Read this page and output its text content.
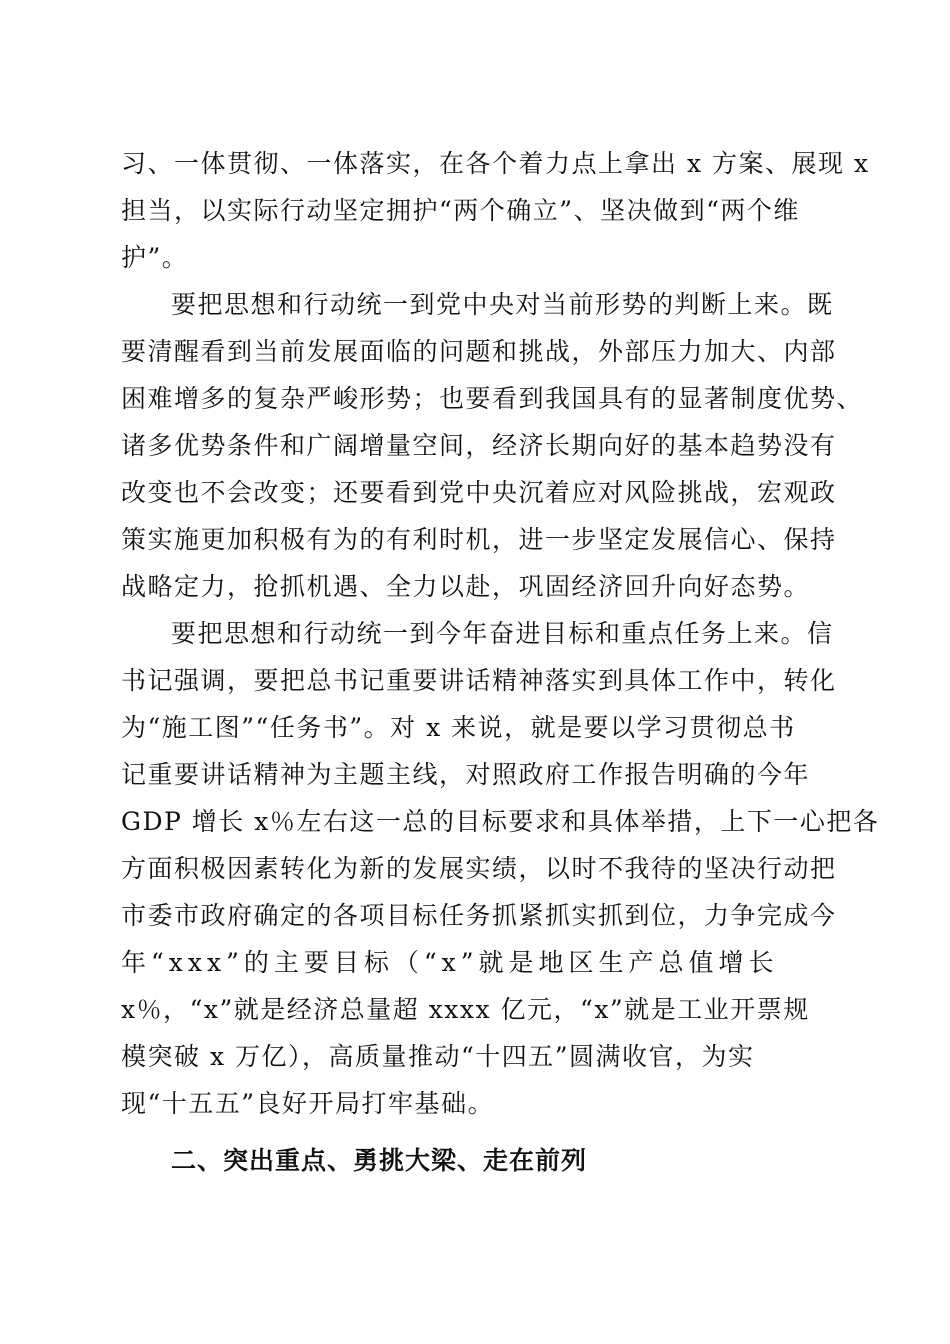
习、一体贯彻、一体落实，在各个着力点上拿出 x 方案、展现 x
担当，以实际行动坚定拥护“两个确立”、坚决做到“两个维
护”。
要把思想和行动统一到党中央对当前形势的判断上来。既
要清醒看到当前发展面临的问题和挑战，外部压力加大、内部
困难增多的复杂严峻形势；也要看到我国具有的显著制度优势、
诸多优势条件和广阔增量空间，经济长期向好的基本趋势没有
改变也不会改变；还要看到党中央沉着应对风险挑战，宏观政
策实施更加积极有为的有利时机，进一步坚定发展信心、保持
战略定力，抢抓机遇、全力以赴，巩固经济回升向好态势。
要把思想和行动统一到今年奋进目标和重点任务上来。信
书记强调，要把总书记重要讲话精神落实到具体工作中，转化
为“施工图”“任务书”。对 x 来说，就是要以学习贯彻总书
记重要讲话精神为主题主线，对照政府工作报告明确的今年
GDP 增长 x％左右这一总的目标要求和具体举措，上下一心把各
方面积极因素转化为新的发展实绩，以时不我待的坚决行动把
市委市政府确定的各项目标任务抓紧抓实抓到位，力争完成今
年“xxx”的主要目标（“x”就是地区生产总值增长
x％，“x”就是经济总量超 xxxx 亿元，“x”就是工业开票规
模突破 x 万亿），高质量推动“十四五”圆满收官，为实
现“十五五”良好开局打牢基础。
二、突出重点、勇挑大梁、走在前列
